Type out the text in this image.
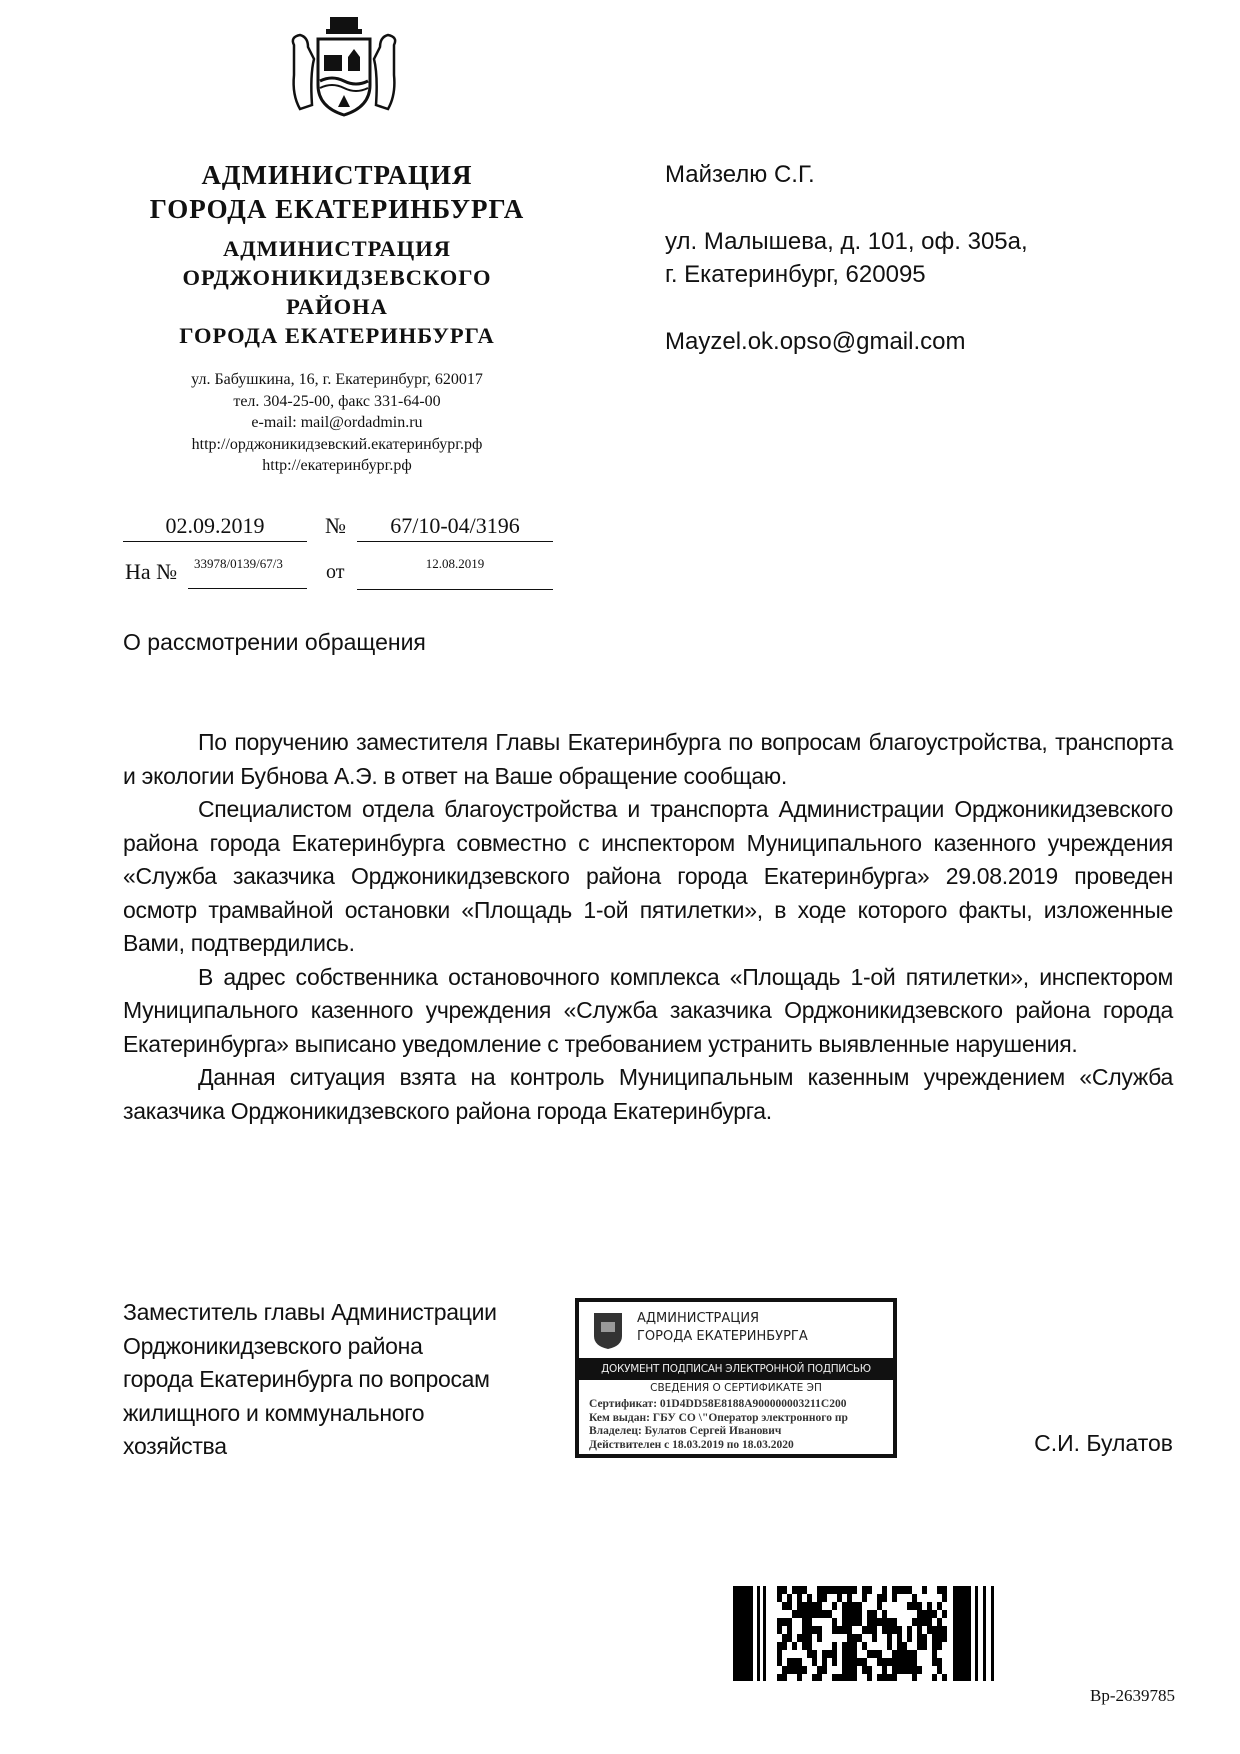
АДМИНИСТРАЦИЯ
ГОРОДА ЕКАТЕРИНБУРГА
АДМИНИСТРАЦИЯ
ОРДЖОНИКИДЗЕВСКОГО
РАЙОНА
ГОРОДА ЕКАТЕРИНБУРГА
ул. Бабушкина, 16, г. Екатеринбург, 620017
тел. 304-25-00, факс 331-64-00
e-mail: mail@ordadmin.ru
http://орджоникидзевский.екатеринбург.рф
http://екатеринбург.рф
02.09.2019	№	67/10-04/3196
На №	33978/0139/67/3	от	12.08.2019
Майзелю С.Г.
ул. Малышева, д. 101, оф. 305а,
г. Екатеринбург, 620095
Mayzel.ok.opso@gmail.com
О рассмотрении обращения

По поручению заместителя Главы Екатеринбурга по вопросам благоустройства, транспорта и экологии Бубнова А.Э. в ответ на Ваше обращение сообщаю.

Специалистом отдела благоустройства и транспорта Администрации Орджоникидзевского района города Екатеринбурга совместно с инспектором Муниципального казенного учреждения «Служба заказчика Орджоникидзевского района города Екатеринбурга» 29.08.2019 проведен осмотр трамвайной остановки «Площадь 1-ой пятилетки», в ходе которого факты, изложенные Вами, подтвердились.

В адрес собственника остановочного комплекса «Площадь 1-ой пятилетки», инспектором Муниципального казенного учреждения «Служба заказчика Орджоникидзевского района города Екатеринбурга» выписано уведомление с требованием устранить выявленные нарушения.

Данная ситуация взята на контроль Муниципальным казенным учреждением «Служба заказчика Орджоникидзевского района города Екатеринбурга.

Заместитель главы Администрации
Орджоникидзевского района
города Екатеринбурга по вопросам
жилищного и коммунального
хозяйства
АДМИНИСТРАЦИЯ
ГОРОДА ЕКАТЕРИНБУРГА
ДОКУМЕНТ ПОДПИСАН ЭЛЕКТРОННОЙ ПОДПИСЬЮ
СВЕДЕНИЯ О СЕРТИФИКАТЕ ЭП
Сертификат: 01D4DD58E8188A900000003211C200
Кем выдан: ГБУ СО \"Оператор электронного пр
Владелец: Булатов Сергей Иванович
Действителен с 18.03.2019 по 18.03.2020	С.И. Булатов
Вр-2639785
